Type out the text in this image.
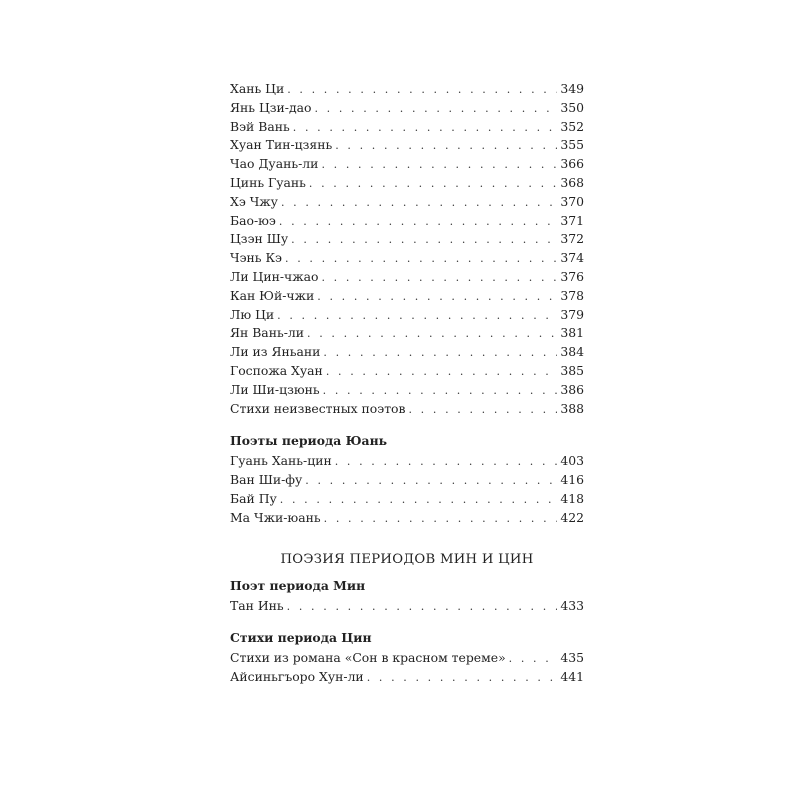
Хань Ци . . .	349
Янь Цзи-дао . . .	350
Вэй Вань . . .	352
Хуан Тин-цзянь . . .	355
Чао Дуань-ли . . .	366
Цинь Гуань . . .	368
Хэ Чжу . . .	370
Бао-юэ . . .	371
Цзэн Шу . . .	372
Чэнь Кэ . . .	374
Ли Цин-чжао . . .	376
Кан Юй-чжи . . .	378
Лю Ци . . .	379
Ян Вань-ли . . .	381
Ли из Яньани . . .	384
Госпожа Хуан . . .	385
Ли Ши-цзюнь . . .	386
Стихи неизвестных поэтов . . .	388
Поэты периода Юань
Гуань Хань-цин . . .	403
Ван Ши-фу . . .	416
Бай Пу . . .	418
Ма Чжи-юань . . .	422
ПОЭЗИЯ ПЕРИОДОВ МИН И ЦИН
Поэт периода Мин
Тан Инь . . .	433
Стихи периода Цин
Стихи из романа «Сон в красном тереме» . . .	435
Айсиньгъоро Хун-ли . . .	441
